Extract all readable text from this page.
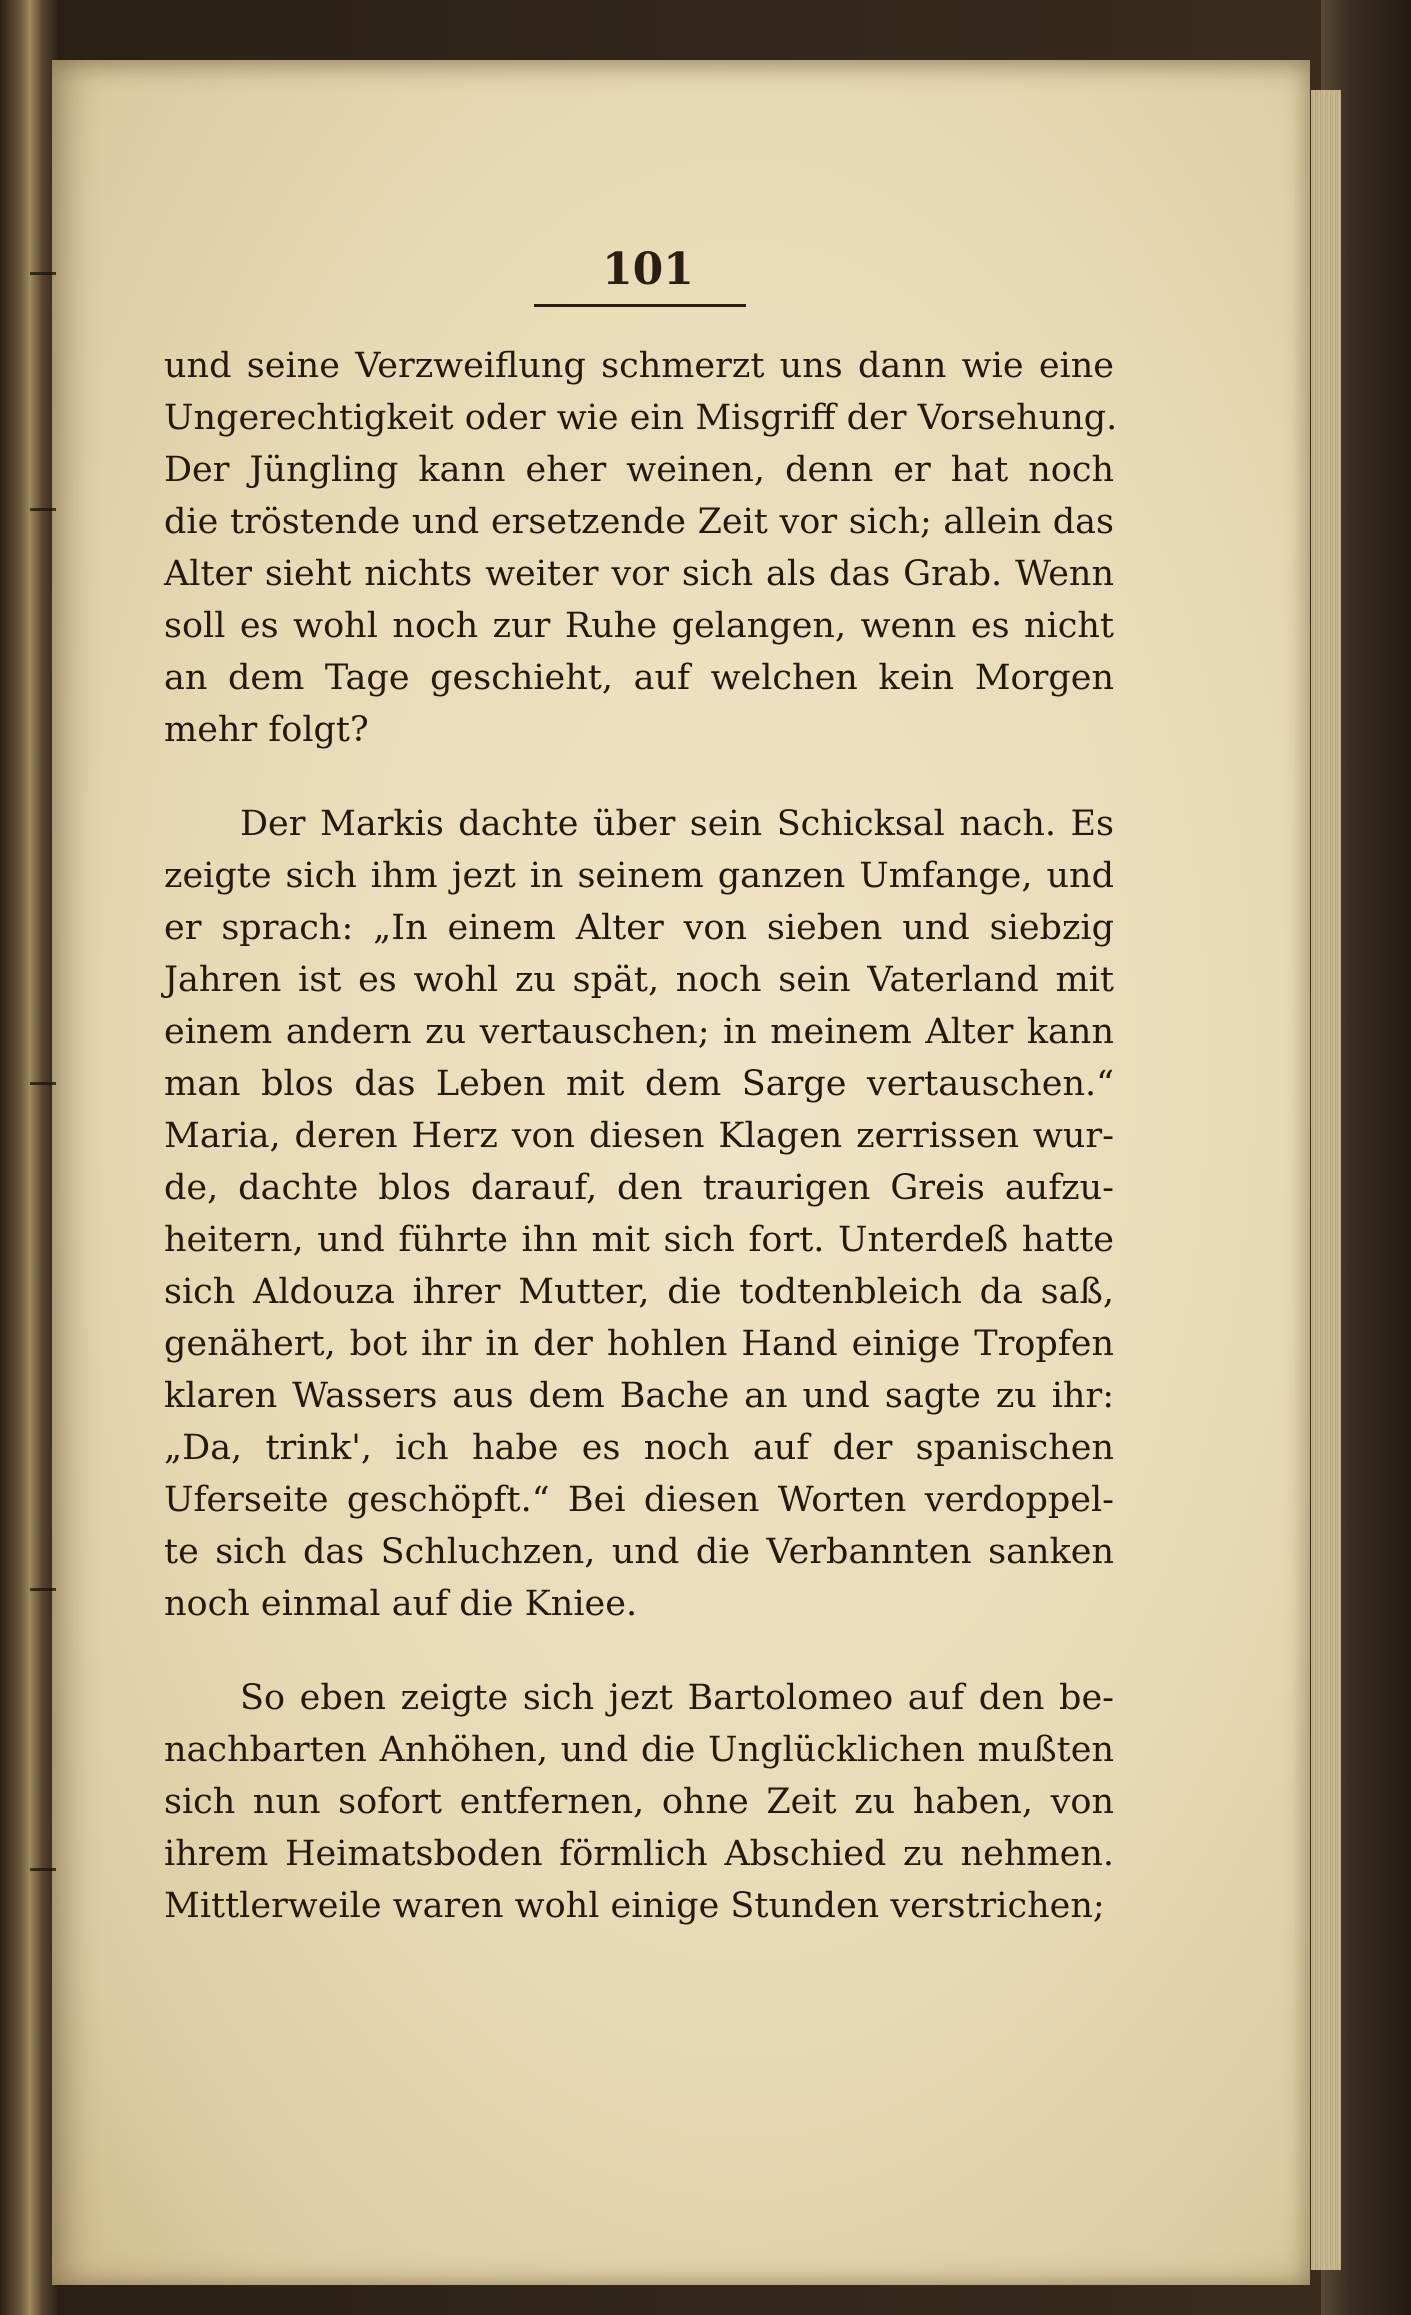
101
und seine Verzweiflung schmerzt uns dann wie eine
Ungerechtigkeit oder wie ein Misgriff der Vorsehung.
Der Jüngling kann eher weinen, denn er hat noch
die tröstende und ersetzende Zeit vor sich; allein das
Alter sieht nichts weiter vor sich als das Grab. Wenn
soll es wohl noch zur Ruhe gelangen, wenn es nicht
an dem Tage geschieht, auf welchen kein Morgen
mehr folgt?
Der Markis dachte über sein Schicksal nach. Es
zeigte sich ihm jezt in seinem ganzen Umfange, und
er sprach: „In einem Alter von sieben und siebzig
Jahren ist es wohl zu spät, noch sein Vaterland mit
einem andern zu vertauschen; in meinem Alter kann
man blos das Leben mit dem Sarge vertauschen.“
Maria, deren Herz von diesen Klagen zerrissen wur-
de, dachte blos darauf, den traurigen Greis aufzu-
heitern, und führte ihn mit sich fort. Unterdeß hatte
sich Aldouza ihrer Mutter, die todtenbleich da saß,
genähert, bot ihr in der hohlen Hand einige Tropfen
klaren Wassers aus dem Bache an und sagte zu ihr:
„Da, trink', ich habe es noch auf der spanischen
Uferseite geschöpft.“ Bei diesen Worten verdoppel-
te sich das Schluchzen, und die Verbannten sanken
noch einmal auf die Kniee.
So eben zeigte sich jezt Bartolomeo auf den be-
nachbarten Anhöhen, und die Unglücklichen mußten
sich nun sofort entfernen, ohne Zeit zu haben, von
ihrem Heimatsboden förmlich Abschied zu nehmen.
Mittlerweile waren wohl einige Stunden verstrichen;
